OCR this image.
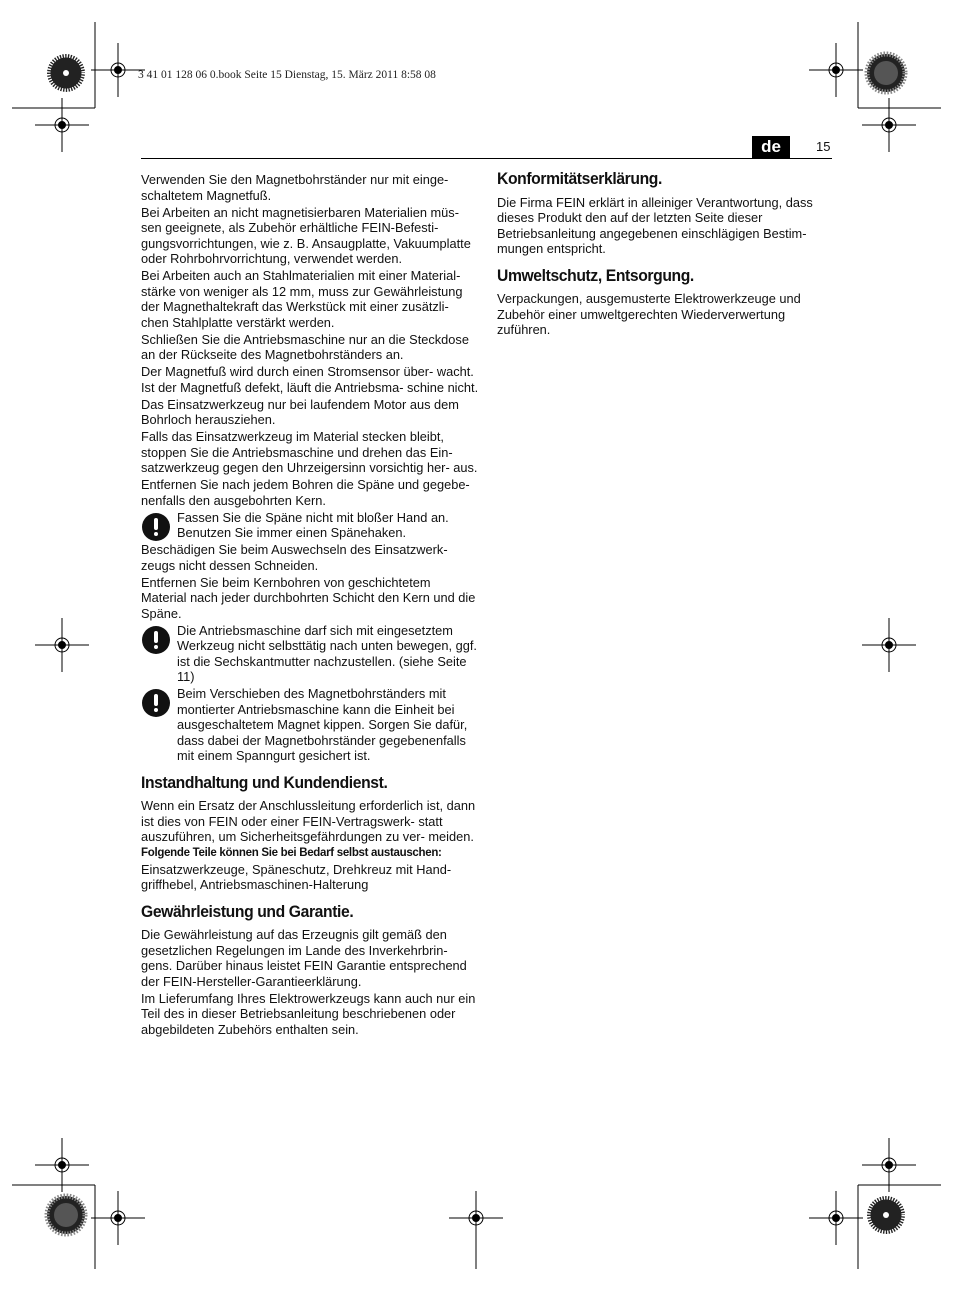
3 41 01 128 06 0.book Seite 15 Dienstag, 15. März 2011 8:58 08
de	15

Verwenden Sie den Magnetbohrständer nur mit einge- schaltetem Magnetfuß.

Bei Arbeiten an nicht magnetisierbaren Materialien müs- sen geeignete, als Zubehör erhältliche FEIN-Befesti- gungsvorrichtungen, wie z. B. Ansaugplatte, Vakuumplatte oder Rohrbohrvorrichtung, verwendet werden.

Bei Arbeiten auch an Stahlmaterialien mit einer Material- stärke von weniger als 12 mm, muss zur Gewährleistung der Magnethaltekraft das Werkstück mit einer zusätzli- chen Stahlplatte verstärkt werden.

Schließen Sie die Antriebsmaschine nur an die Steckdose an der Rückseite des Magnetbohrständers an.

Der Magnetfuß wird durch einen Stromsensor über- wacht. Ist der Magnetfuß defekt, läuft die Antriebsma- schine nicht.

Das Einsatzwerkzeug nur bei laufendem Motor aus dem Bohrloch herausziehen.

Falls das Einsatzwerkzeug im Material stecken bleibt, stoppen Sie die Antriebsmaschine und drehen das Ein- satzwerkzeug gegen den Uhrzeigersinn vorsichtig her- aus.

Entfernen Sie nach jedem Bohren die Späne und gegebe- nenfalls den ausgebohrten Kern.

Fassen Sie die Späne nicht mit bloßer Hand an. Benutzen Sie immer einen Spänehaken.

Beschädigen Sie beim Auswechseln des Einsatzwerk- zeugs nicht dessen Schneiden.

Entfernen Sie beim Kernbohren von geschichtetem Material nach jeder durchbohrten Schicht den Kern und die Späne.

Die Antriebsmaschine darf sich mit eingesetztem Werkzeug nicht selbsttätig nach unten bewegen, ggf. ist die Sechskantmutter nachzustellen. (siehe Seite 11)

Beim Verschieben des Magnetbohrständers mit montierter Antriebsmaschine kann die Einheit bei ausgeschaltetem Magnet kippen. Sorgen Sie dafür,

dass dabei der Magnetbohrständer gegebenenfalls mit einem Spanngurt gesichert ist.

Instandhaltung und Kundendienst.

Wenn ein Ersatz der Anschlussleitung erforderlich ist, dann ist dies von FEIN oder einer FEIN-Vertragswerk- statt auszuführen, um Sicherheitsgefährdungen zu ver- meiden.

Folgende Teile können Sie bei Bedarf selbst austauschen:

Einsatzwerkzeuge, Späneschutz, Drehkreuz mit Hand- griffhebel, Antriebsmaschinen-Halterung

Gewährleistung und Garantie.

Die Gewährleistung auf das Erzeugnis gilt gemäß den gesetzlichen Regelungen im Lande des Inverkehrbrin- gens. Darüber hinaus leistet FEIN Garantie entsprechend der FEIN-Hersteller-Garantieerklärung.

Im Lieferumfang Ihres Elektrowerkzeugs kann auch nur ein Teil des in dieser Betriebsanleitung beschriebenen oder abgebildeten Zubehörs enthalten sein.

Konformitätserklärung.

Die Firma FEIN erklärt in alleiniger Verantwortung, dass dieses Produkt den auf der letzten Seite dieser Betriebsanleitung angegebenen einschlägigen Bestim- mungen entspricht.

Umweltschutz, Entsorgung.

Verpackungen, ausgemusterte Elektrowerkzeuge und Zubehör einer umweltgerechten Wiederverwertung zuführen.
